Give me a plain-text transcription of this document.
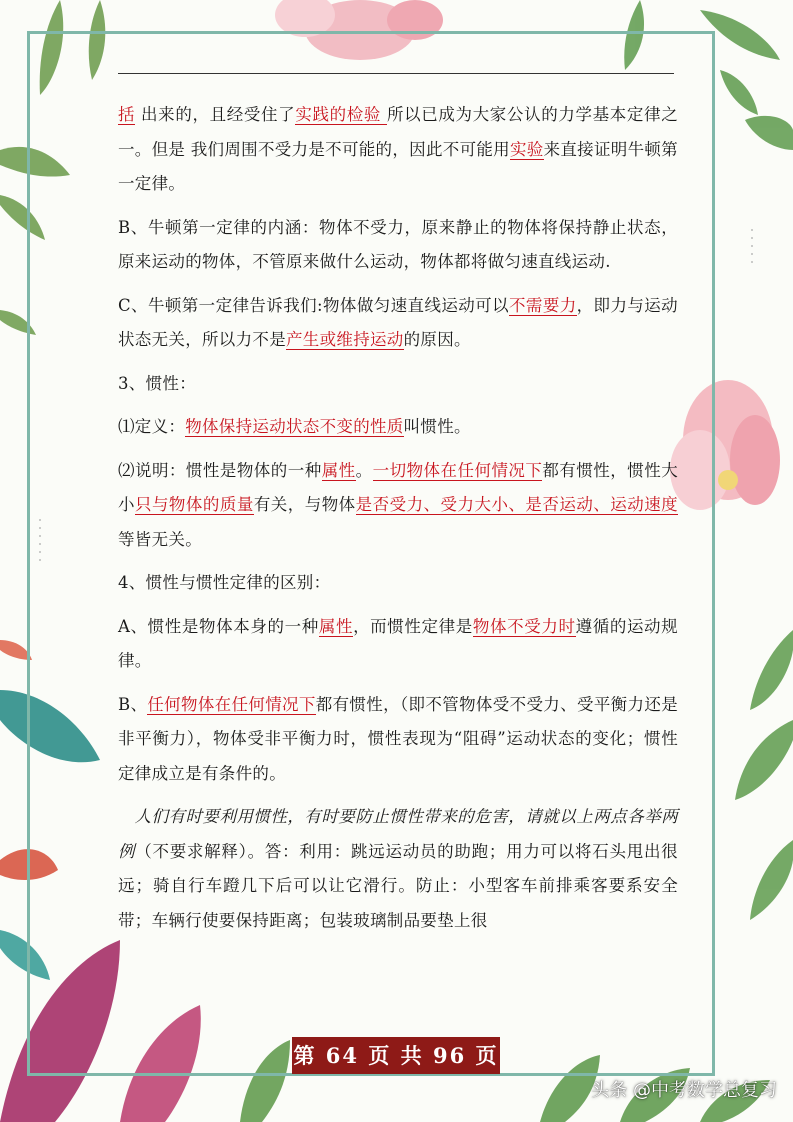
括 出来的，且经受住了实践的检验 所以已成为大家公认的力学基本定律之一。但是 我们周围不受力是不可能的，因此不可能用实验来直接证明牛顿第一定律。

B、牛顿第一定律的内涵：物体不受力，原来静止的物体将保持静止状态，原来运动的物体，不管原来做什么运动，物体都将做匀速直线运动.

C、牛顿第一定律告诉我们:物体做匀速直线运动可以不需要力，即力与运动状态无关，所以力不是产生或维持运动的原因。

3、惯性：

⑴定义：物体保持运动状态不变的性质叫惯性。

⑵说明：惯性是物体的一种属性。一切物体在任何情况下都有惯性，惯性大小只与物体的质量有关，与物体是否受力、受力大小、是否运动、运动速度等皆无关。

4、惯性与惯性定律的区别：

A、惯性是物体本身的一种属性，而惯性定律是物体不受力时遵循的运动规律。

B、任何物体在任何情况下都有惯性，（即不管物体受不受力、受平衡力还是非平衡力），物体受非平衡力时，惯性表现为“阻碍”运动状态的变化；惯性定律成立是有条件的。

人们有时要利用惯性，有时要防止惯性带来的危害，请就以上两点各举两例（不要求解释）。答：利用：跳远运动员的助跑；用力可以将石头甩出很远；骑自行车蹬几下后可以让它滑行。防止：小型客车前排乘客要系安全带；车辆行使要保持距离；包装玻璃制品要垫上很

第 64 页 共 96 页
头条 @中考数学总复习
